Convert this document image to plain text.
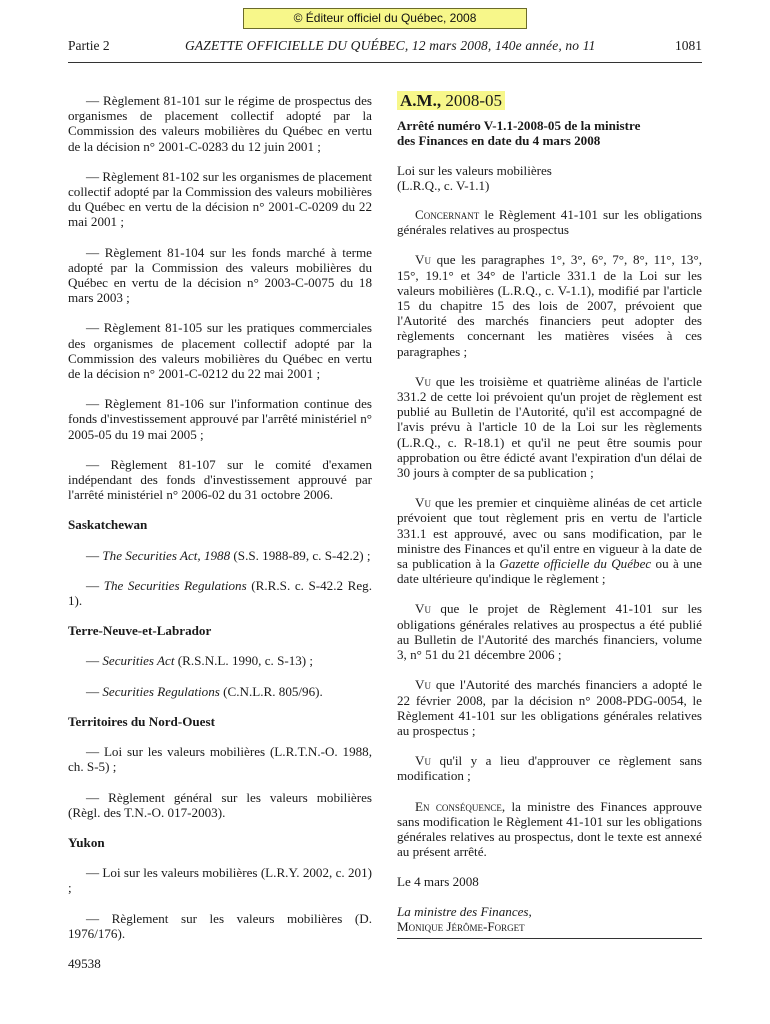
© Éditeur officiel du Québec, 2008
Partie 2	GAZETTE OFFICIELLE DU QUÉBEC, 12 mars 2008, 140e année, no 11	1081

— Règlement 81-101 sur le régime de prospectus des organismes de placement collectif adopté par la Commission des valeurs mobilières du Québec en vertu de la décision n° 2001-C-0283 du 12 juin 2001 ;

— Règlement 81-102 sur les organismes de placement collectif adopté par la Commission des valeurs mobilières du Québec en vertu de la décision n° 2001-C-0209 du 22 mai 2001 ;

— Règlement 81-104 sur les fonds marché à terme adopté par la Commission des valeurs mobilières du Québec en vertu de la décision n° 2003-C-0075 du 18 mars 2003 ;

— Règlement 81-105 sur les pratiques commerciales des organismes de placement collectif adopté par la Commission des valeurs mobilières du Québec en vertu de la décision n° 2001-C-0212 du 22 mai 2001 ;

— Règlement 81-106 sur l'information continue des fonds d'investissement approuvé par l'arrêté ministériel n° 2005-05 du 19 mai 2005 ;

— Règlement 81-107 sur le comité d'examen indépendant des fonds d'investissement approuvé par l'arrêté ministériel n° 2006-02 du 31 octobre 2006.

Saskatchewan

— The Securities Act, 1988 (S.S. 1988-89, c. S-42.2) ;

— The Securities Regulations (R.R.S. c. S-42.2 Reg. 1).

Terre-Neuve-et-Labrador

— Securities Act (R.S.N.L. 1990, c. S-13) ;

— Securities Regulations (C.N.L.R. 805/96).

Territoires du Nord-Ouest

— Loi sur les valeurs mobilières (L.R.T.N.-O. 1988, ch. S-5) ;

— Règlement général sur les valeurs mobilières (Règl. des T.N.-O. 017-2003).

Yukon

— Loi sur les valeurs mobilières (L.R.Y. 2002, c. 201) ;

— Règlement sur les valeurs mobilières (D. 1976/176).

49538
A.M., 2008-05
Arrêté numéro V-1.1-2008-05 de la ministre
des Finances en date du 4 mars 2008
Loi sur les valeurs mobilières
(L.R.Q., c. V-1.1)

Concernant le Règlement 41-101 sur les obligations générales relatives au prospectus

Vu que les paragraphes 1°, 3°, 6°, 7°, 8°, 11°, 13°, 15°, 19.1° et 34° de l'article 331.1 de la Loi sur les valeurs mobilières (L.R.Q., c. V-1.1), modifié par l'article 15 du chapitre 15 des lois de 2007, prévoient que l'Autorité des marchés financiers peut adopter des règlements concernant les matières visées à ces paragraphes ;

Vu que les troisième et quatrième alinéas de l'article 331.2 de cette loi prévoient qu'un projet de règlement est publié au Bulletin de l'Autorité, qu'il est accompagné de l'avis prévu à l'article 10 de la Loi sur les règlements (L.R.Q., c. R-18.1) et qu'il ne peut être soumis pour approbation ou être édicté avant l'expiration d'un délai de 30 jours à compter de sa publication ;

Vu que les premier et cinquième alinéas de cet article prévoient que tout règlement pris en vertu de l'article 331.1 est approuvé, avec ou sans modification, par le ministre des Finances et qu'il entre en vigueur à la date de sa publication à la Gazette officielle du Québec ou à une date ultérieure qu'indique le règlement ;

Vu que le projet de Règlement 41-101 sur les obligations générales relatives au prospectus a été publié au Bulletin de l'Autorité des marchés financiers, volume 3, n° 51 du 21 décembre 2006 ;

Vu que l'Autorité des marchés financiers a adopté le 22 février 2008, par la décision n° 2008-PDG-0054, le Règlement 41-101 sur les obligations générales relatives au prospectus ;

Vu qu'il y a lieu d'approuver ce règlement sans modification ;

En conséquence, la ministre des Finances approuve sans modification le Règlement 41-101 sur les obligations générales relatives au prospectus, dont le texte est annexé au présent arrêté.

Le 4 mars 2008
La ministre des Finances,
Monique Jérôme-Forget
